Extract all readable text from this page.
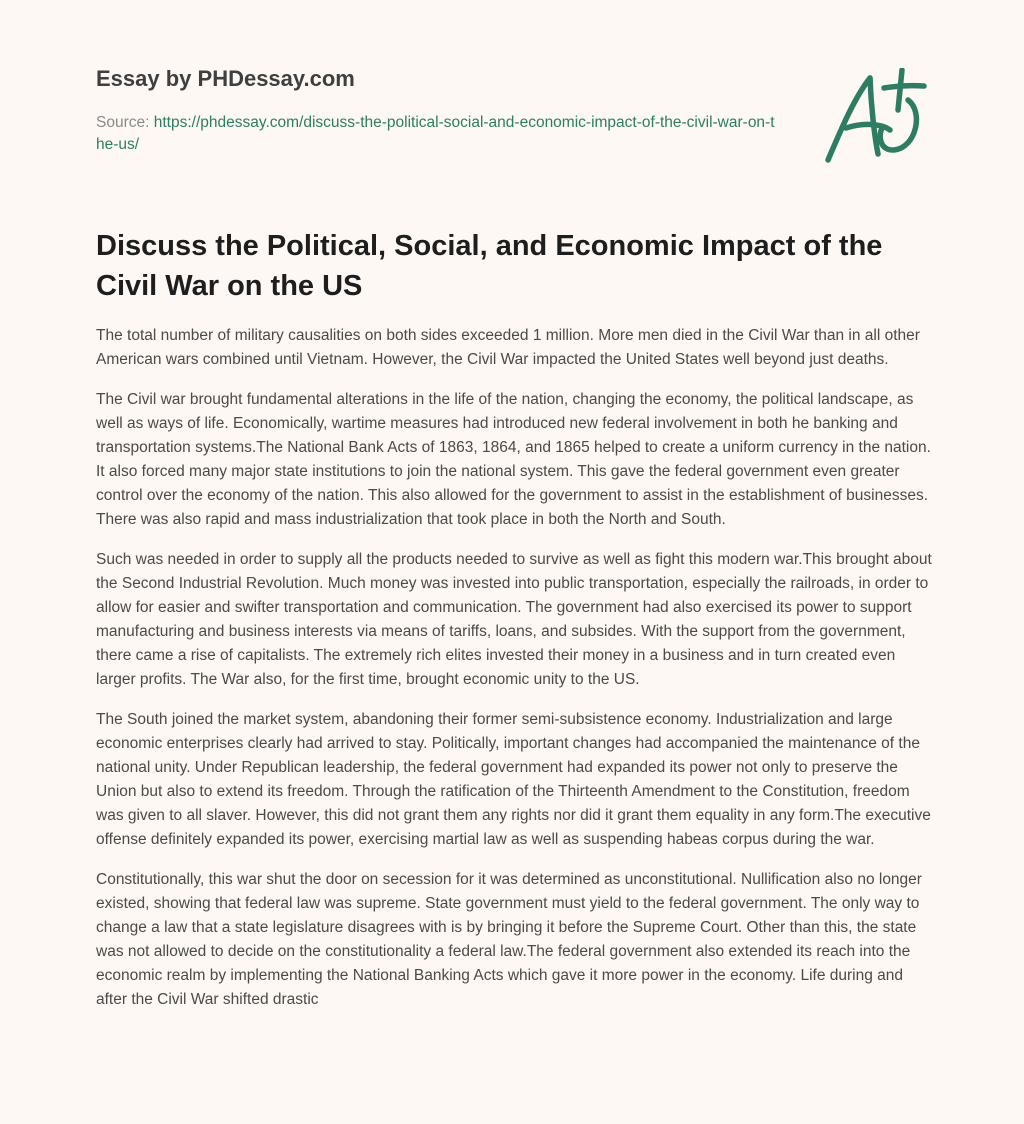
Essay by PHDessay.com
Source: https://phdessay.com/discuss-the-political-social-and-economic-impact-of-the-civil-war-on-the-us/
Discuss the Political, Social, and Economic Impact of the Civil War on the US

The total number of military causalities on both sides exceeded 1 million. More men died in the Civil War than in all other American wars combined until Vietnam. However, the Civil War impacted the United States well beyond just deaths.

The Civil war brought fundamental alterations in the life of the nation, changing the economy, the political landscape, as well as ways of life. Economically, wartime measures had introduced new federal involvement in both he banking and transportation systems.The National Bank Acts of 1863, 1864, and 1865 helped to create a uniform currency in the nation. It also forced many major state institutions to join the national system. This gave the federal government even greater control over the economy of the nation. This also allowed for the government to assist in the establishment of businesses. There was also rapid and mass industrialization that took place in both the North and South.

Such was needed in order to supply all the products needed to survive as well as fight this modern war.This brought about the Second Industrial Revolution. Much money was invested into public transportation, especially the railroads, in order to allow for easier and swifter transportation and communication. The government had also exercised its power to support manufacturing and business interests via means of tariffs, loans, and subsides. With the support from the government, there came a rise of capitalists. The extremely rich elites invested their money in a business and in turn created even larger profits. The War also, for the first time, brought economic unity to the US.

The South joined the market system, abandoning their former semi-subsistence economy. Industrialization and large economic enterprises clearly had arrived to stay. Politically, important changes had accompanied the maintenance of the national unity. Under Republican leadership, the federal government had expanded its power not only to preserve the Union but also to extend its freedom. Through the ratification of the Thirteenth Amendment to the Constitution, freedom was given to all slaver. However, this did not grant them any rights nor did it grant them equality in any form.The executive offense definitely expanded its power, exercising martial law as well as suspending habeas corpus during the war.

Constitutionally, this war shut the door on secession for it was determined as unconstitutional. Nullification also no longer existed, showing that federal law was supreme. State government must yield to the federal government. The only way to change a law that a state legislature disagrees with is by bringing it before the Supreme Court. Other than this, the state was not allowed to decide on the constitutionality a federal law.The federal government also extended its reach into the economic realm by implementing the National Banking Acts which gave it more power in the economy. Life during and after the Civil War shifted drastic
